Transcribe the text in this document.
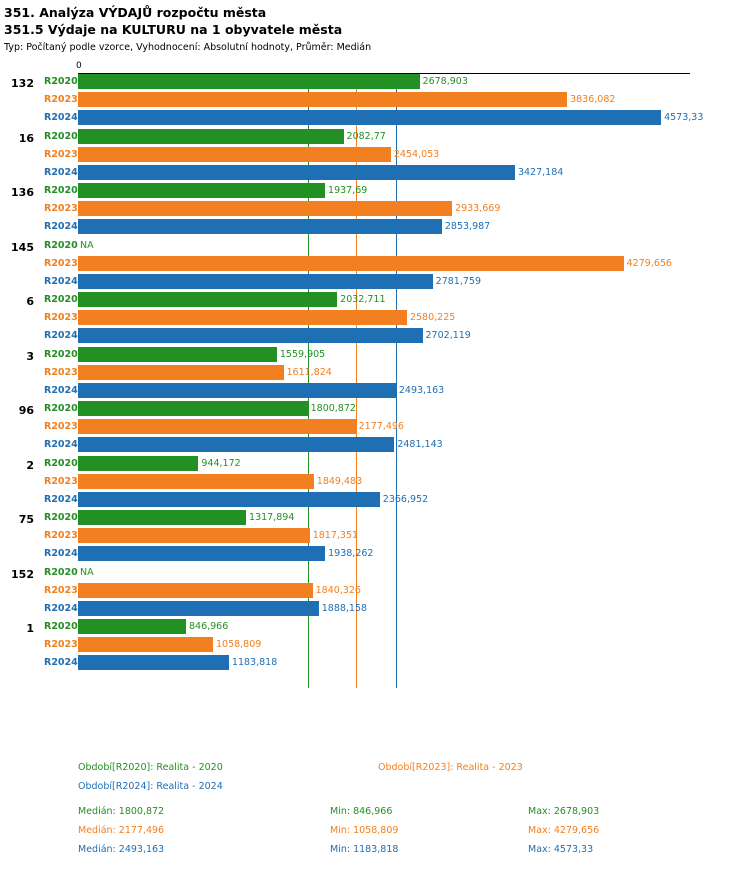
351. Analýza VÝDAJŮ rozpočtu města
351.5 Výdaje na KULTURU na 1 obyvatele města
Typ: Počítaný podle vzorce, Vyhodnocení: Absolutní hodnoty, Průměr: Medián
0
132 R2020	2678,903
R2023	3836,082
R2024	4573,33
16 R2020	2082,77
R2023	2454,053
R2024	3427,184
136 R2020	1937,69
R2023	2933,669
R2024	2853,987
145 R2020 NA
R2023	4279,656
R2024	2781,759
6 R2020	2032,711
R2023	2580,225
R2024	2702,119
3 R2020	1559,905
R2023	1611,824
R2024	2493,163
96 R2020	1800,872
R2023	2177,496
R2024	2481,143
2 R2020	944,172
R2023	1849,483
R2024	2366,952
75 R2020	1317,894
R2023	1817,351
R2024	1938,262
152 R2020 NA
R2023	1840,326
R2024	1888,158
1 R2020	846,966
R2023	1058,809
R2024	1183,818
Období[R2020]: Realita - 2020	Období[R2023]: Realita - 2023
Období[R2024]: Realita - 2024
Medián: 1800,872	Min: 846,966	Max: 2678,903
Medián: 2177,496	Min: 1058,809	Max: 4279,656
Medián: 2493,163	Min: 1183,818	Max: 4573,33
